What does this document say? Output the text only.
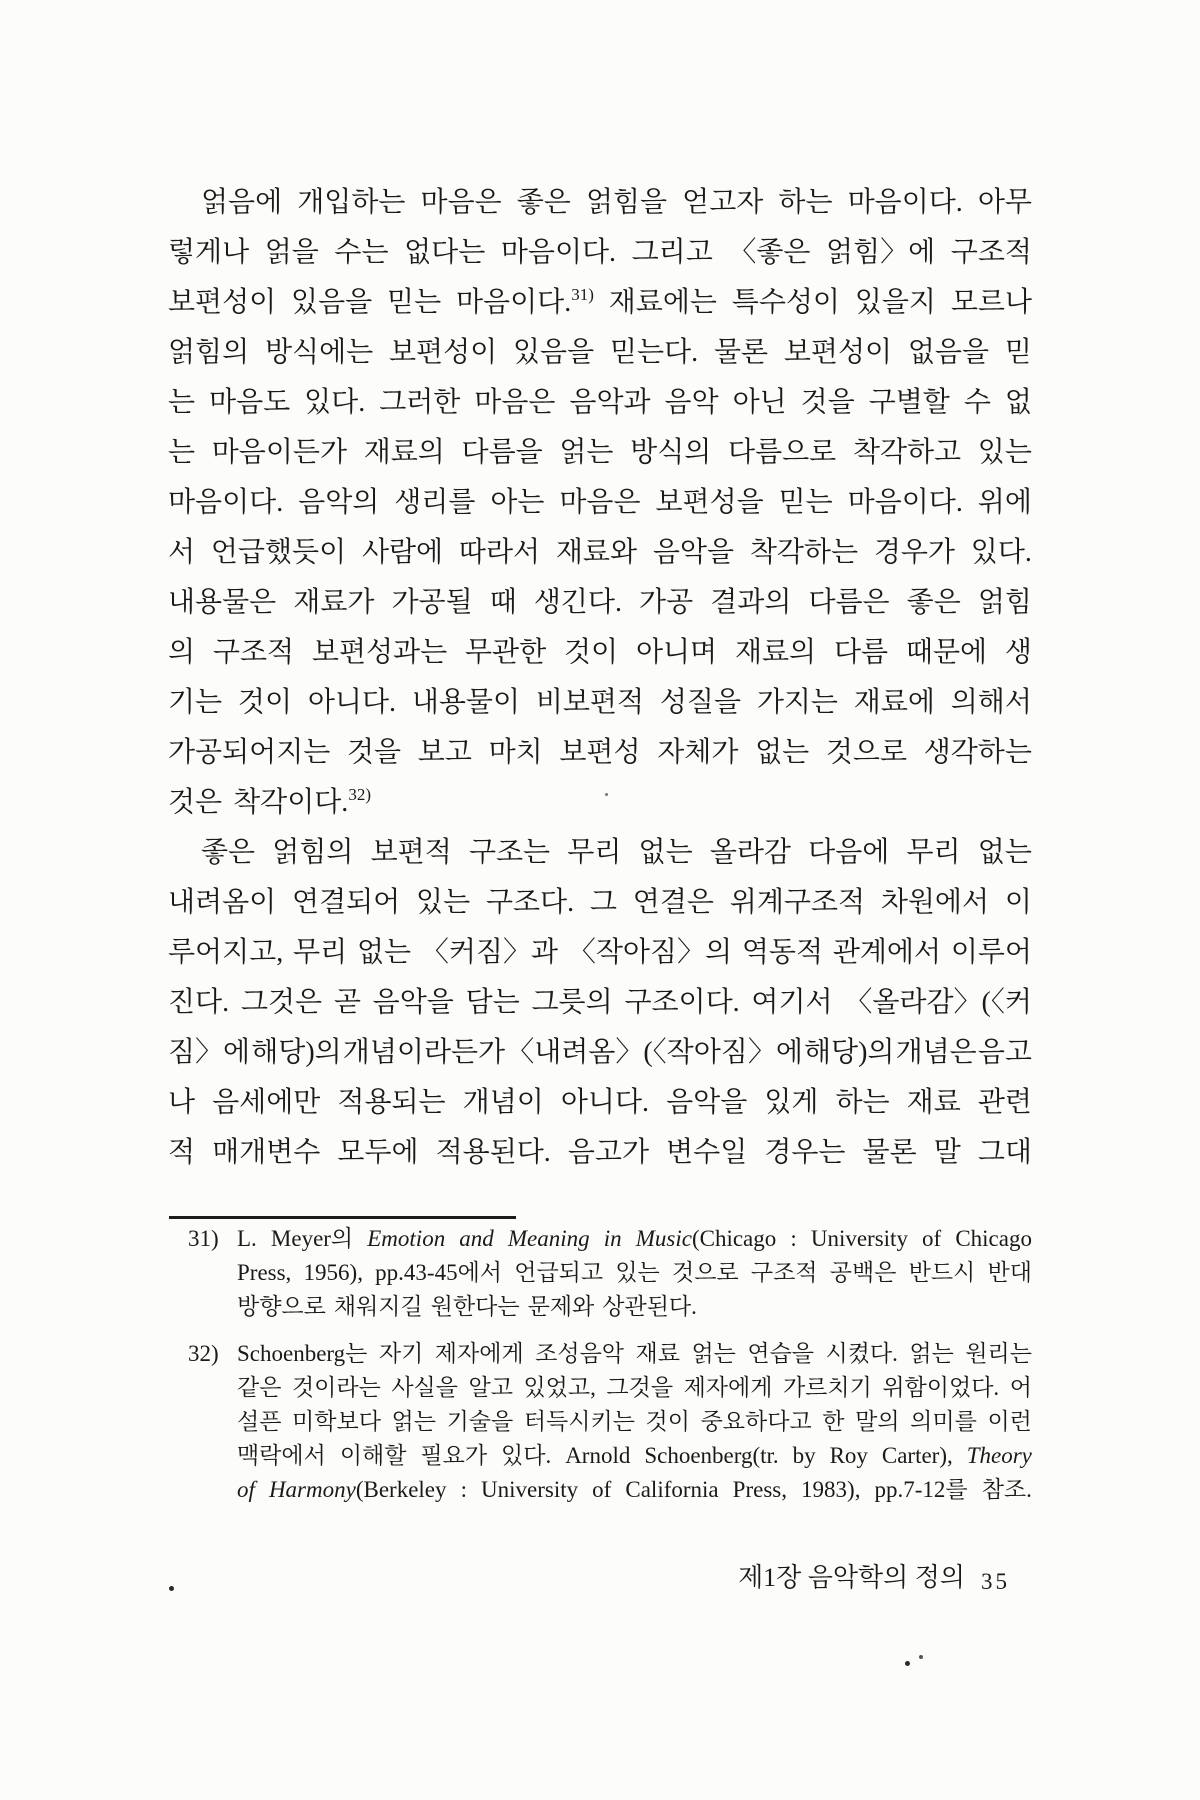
얽음에 개입하는 마음은 좋은 얽힘을 얻고자 하는 마음이다. 아무
렇게나 얽을 수는 없다는 마음이다. 그리고 〈좋은 얽힘〉에 구조적
보편성이 있음을 믿는 마음이다.$^{31)}$ 재료에는 특수성이 있을지 모르나
얽힘의 방식에는 보편성이 있음을 믿는다. 물론 보편성이 없음을 믿
는 마음도 있다. 그러한 마음은 음악과 음악 아닌 것을 구별할 수 없
는 마음이든가 재료의 다름을 얽는 방식의 다름으로 착각하고 있는
마음이다. 음악의 생리를 아는 마음은 보편성을 믿는 마음이다. 위에
서 언급했듯이 사람에 따라서 재료와 음악을 착각하는 경우가 있다.
내용물은 재료가 가공될 때 생긴다. 가공 결과의 다름은 좋은 얽힘
의 구조적 보편성과는 무관한 것이 아니며 재료의 다름 때문에 생
기는 것이 아니다. 내용물이 비보편적 성질을 가지는 재료에 의해서
가공되어지는 것을 보고 마치 보편성 자체가 없는 것으로 생각하는
것은 착각이다.$^{32)}$
좋은 얽힘의 보편적 구조는 무리 없는 올라감 다음에 무리 없는
내려옴이 연결되어 있는 구조다. 그 연결은 위계구조적 차원에서 이
루어지고, 무리 없는 〈커짐〉과 〈작아짐〉의 역동적 관계에서 이루어
진다. 그것은 곧 음악을 담는 그릇의 구조이다. 여기서 〈올라감〉(〈커
짐〉에 해당)의 개념이라든가 〈내려옴〉(〈작아짐〉에 해당)의 개념은 음고
나 음세에만 적용되는 개념이 아니다. 음악을 있게 하는 재료 관련
적 매개변수 모두에 적용된다. 음고가 변수일 경우는 물론 말 그대
31) L. Meyer의 Emotion and Meaning in Music(Chicago : University of Chicago
Press, 1956), pp.43-45에서 언급되고 있는 것으로 구조적 공백은 반드시 반대
방향으로 채워지길 원한다는 문제와 상관된다.
32) Schoenberg는 자기 제자에게 조성음악 재료 얽는 연습을 시켰다. 얽는 원리는
같은 것이라는 사실을 알고 있었고, 그것을 제자에게 가르치기 위함이었다. 어
설픈 미학보다 얽는 기술을 터득시키는 것이 중요하다고 한 말의 의미를 이런
맥락에서 이해할 필요가 있다. Arnold Schoenberg(tr. by Roy Carter), Theory
of Harmony(Berkeley : University of California Press, 1983), pp.7-12를 참조.
제1장 음악학의 정의 35
